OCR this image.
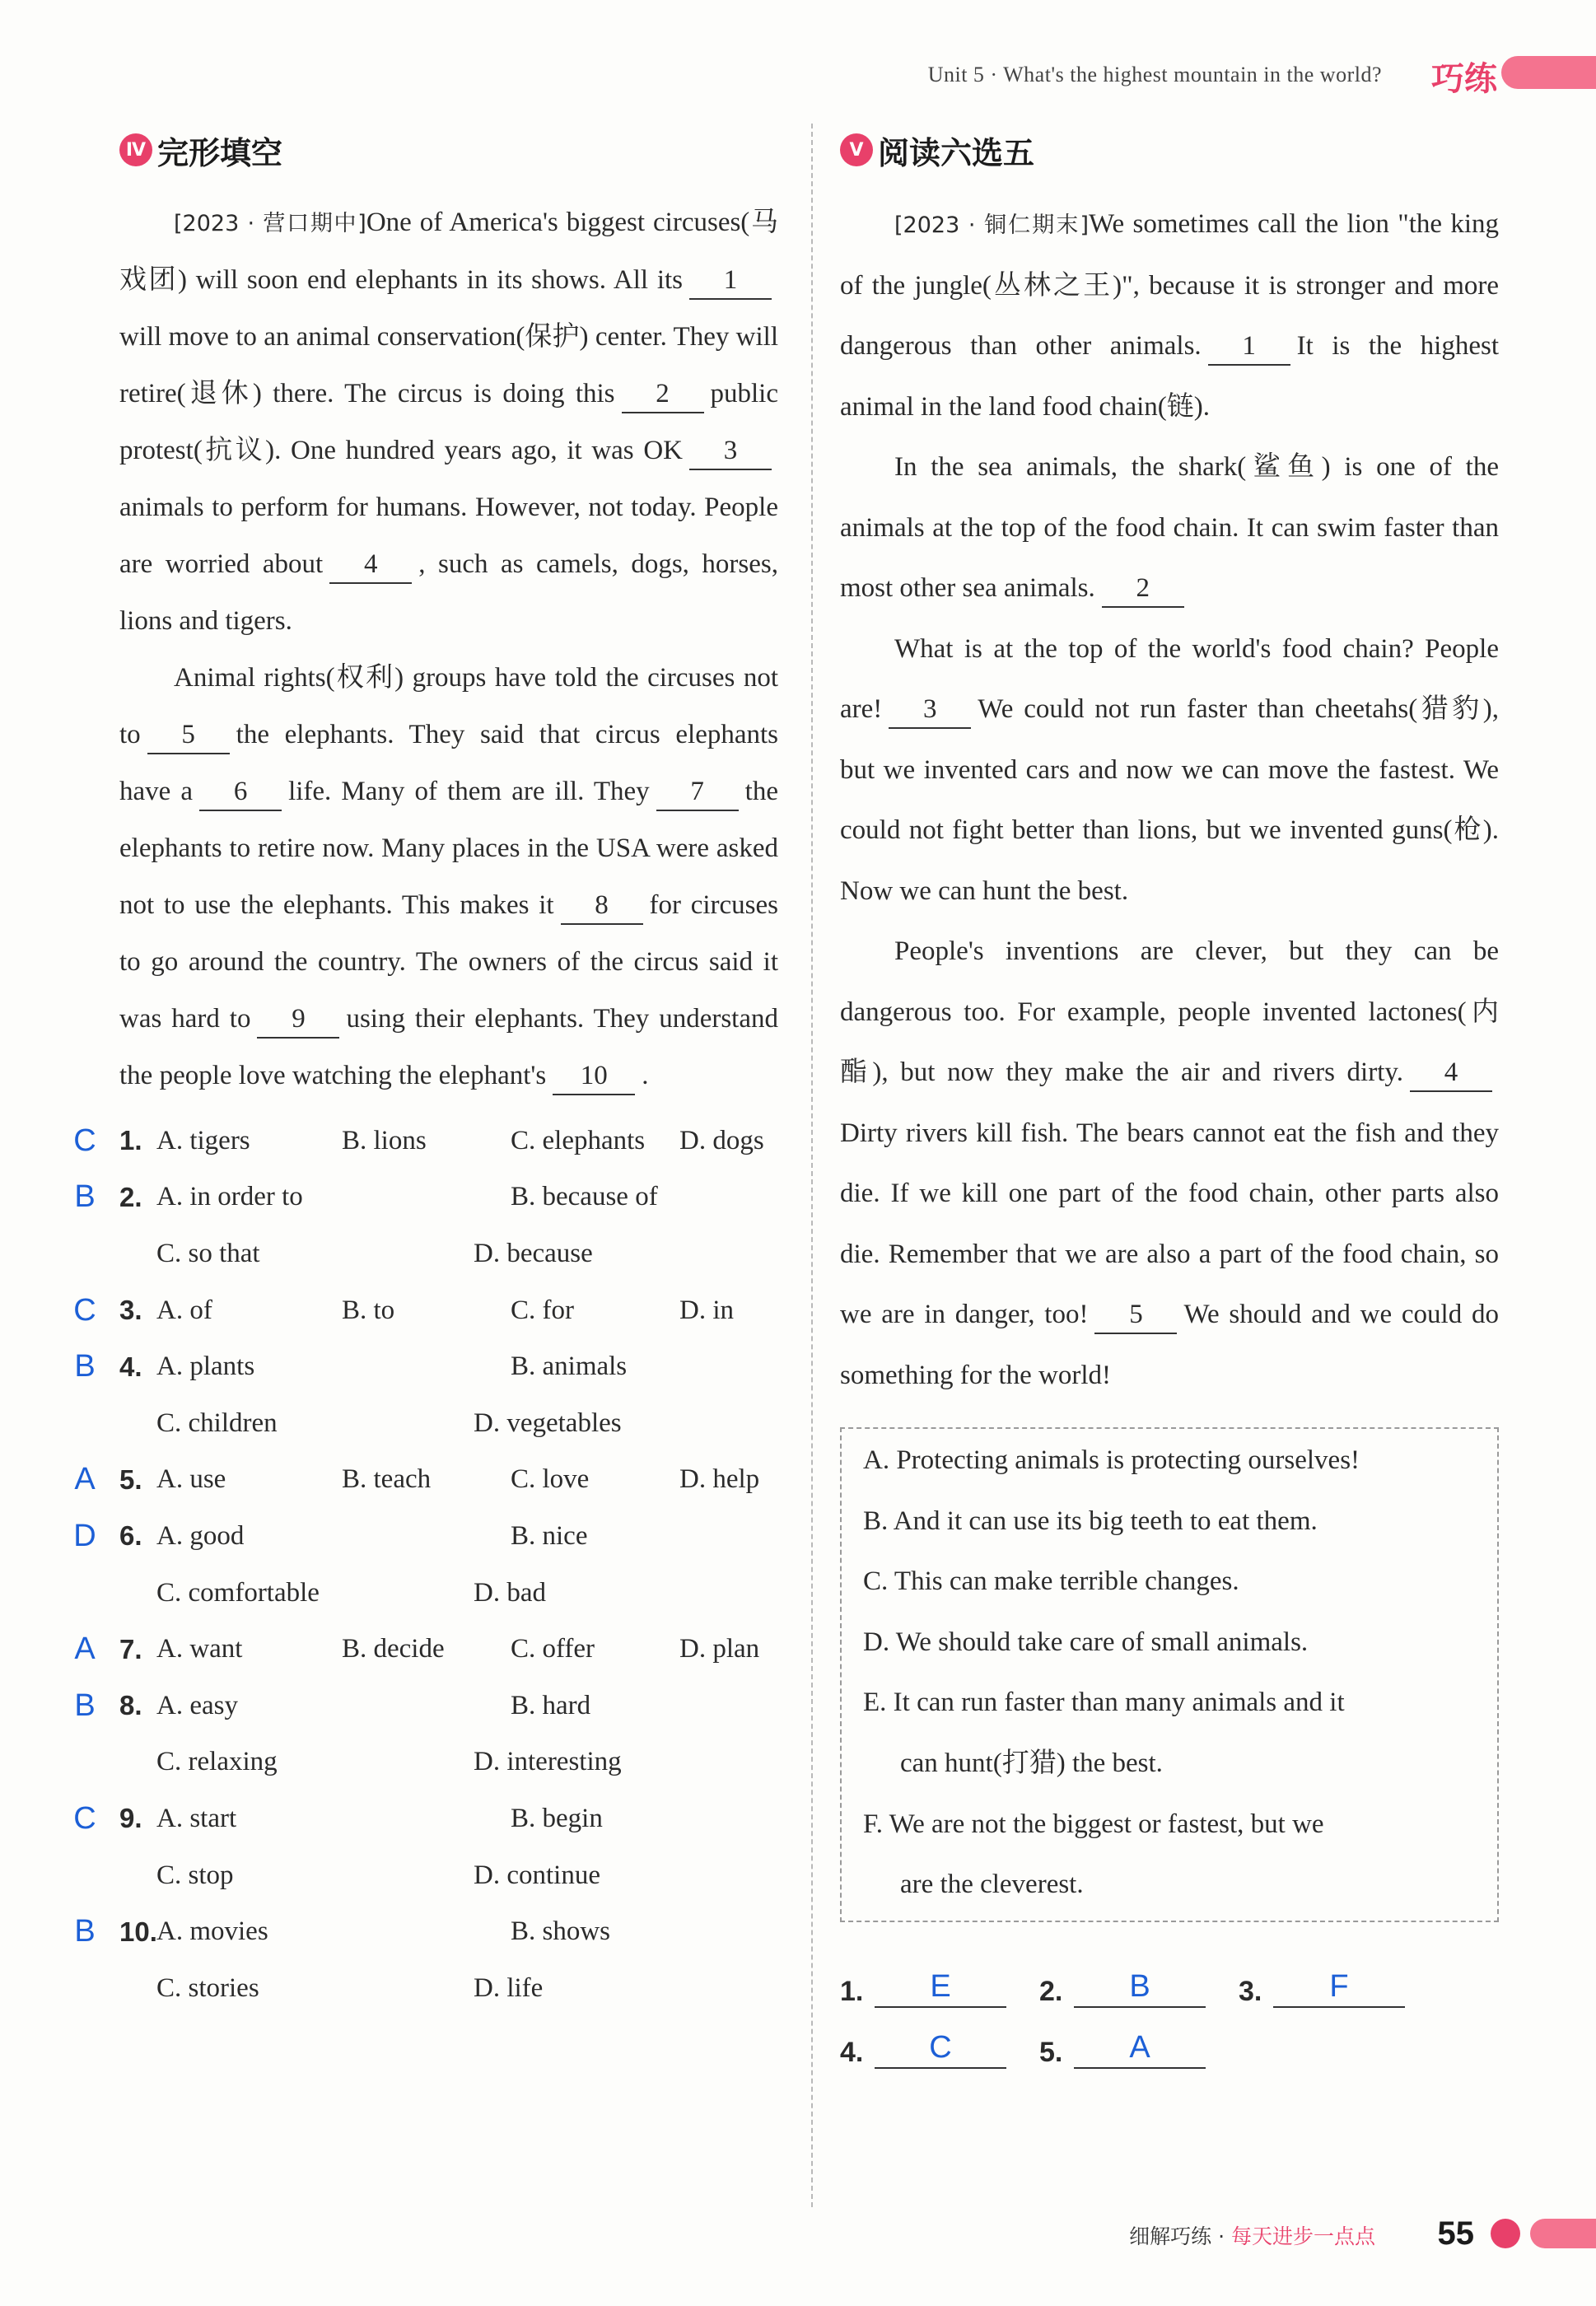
Unit 5 · What's the highest mountain in the world? 巧练
Ⅳ 完形填空

[2023 · 营口期中]One of America's biggest circuses(马戏团) will soon end elephants in its shows. All its 1will move to an animal conservation(保护) center. They will retire(退休) there. The circus is doing this 2 public protest(抗议). One hundred years ago, it was OK 3animals to perform for humans. However, not today. People are worried about 4 , such as camels, dogs, horses, lions and tigers.

Animal rights(权利) groups have told the circuses not to 5 the elephants. They said that circus elephants have a 6 life. Many of them are ill. They 7 the elephants to retire now. Many places in the USA were asked not to use the elephants. This makes it 8 for circuses to go around the country. The owners of the circus said it was hard to 9 using their elephants. They understand the people love watching the elephant's 10 .

C 1. A. tigers	B. lions	C. elephants	D. dogs
B 2. A. in order to	B. because of
C. so that	D. because
C 3. A. of	B. to	C. for	D. in
B 4. A. plants	B. animals
C. children	D. vegetables
A 5. A. use	B. teach	C. love	D. help
D 6. A. good	B. nice
C. comfortable	D. bad
A 7. A. want	B. decide	C. offer	D. plan
B 8. A. easy	B. hard
C. relaxing	D. interesting
C 9. A. start	B. begin
C. stop	D. continue
B 10. A. movies	B. shows
C. stories	D. life
Ⅴ 阅读六选五

[2023 · 铜仁期末]We sometimes call the lion "the king of the jungle(丛林之王)", because it is stronger and more dangerous than other animals. 1 It is the highest animal in the land food chain(链).

In the sea animals, the shark(鲨鱼) is one of the animals at the top of the food chain. It can swim faster than most other sea animals. 2

What is at the top of the world's food chain? People are! 3 We could not run faster than cheetahs(猎豹), but we invented cars and now we can move the fastest. We could not fight better than lions, but we invented guns(枪). Now we can hunt the best.

People's inventions are clever, but they can be dangerous too. For example, people invented lactones(内酯), but now they make the air and rivers dirty. 4Dirty rivers kill fish. The bears cannot eat the fish and they die. If we kill one part of the food chain, other parts also die. Remember that we are also a part of the food chain, so we are in danger, too! 5 We should and we could do something for the world!

A. Protecting animals is protecting ourselves!
B. And it can use its big teeth to eat them.
C. This can make terrible changes.
D. We should take care of small animals.
E. It can run faster than many animals and it
can hunt(打猎) the best.
F. We are not the biggest or fastest, but we
are the cleverest.
1.	E	2.	B	3.	F
4.	C	5.	A
细解巧练 · 每天进步一点点 55
